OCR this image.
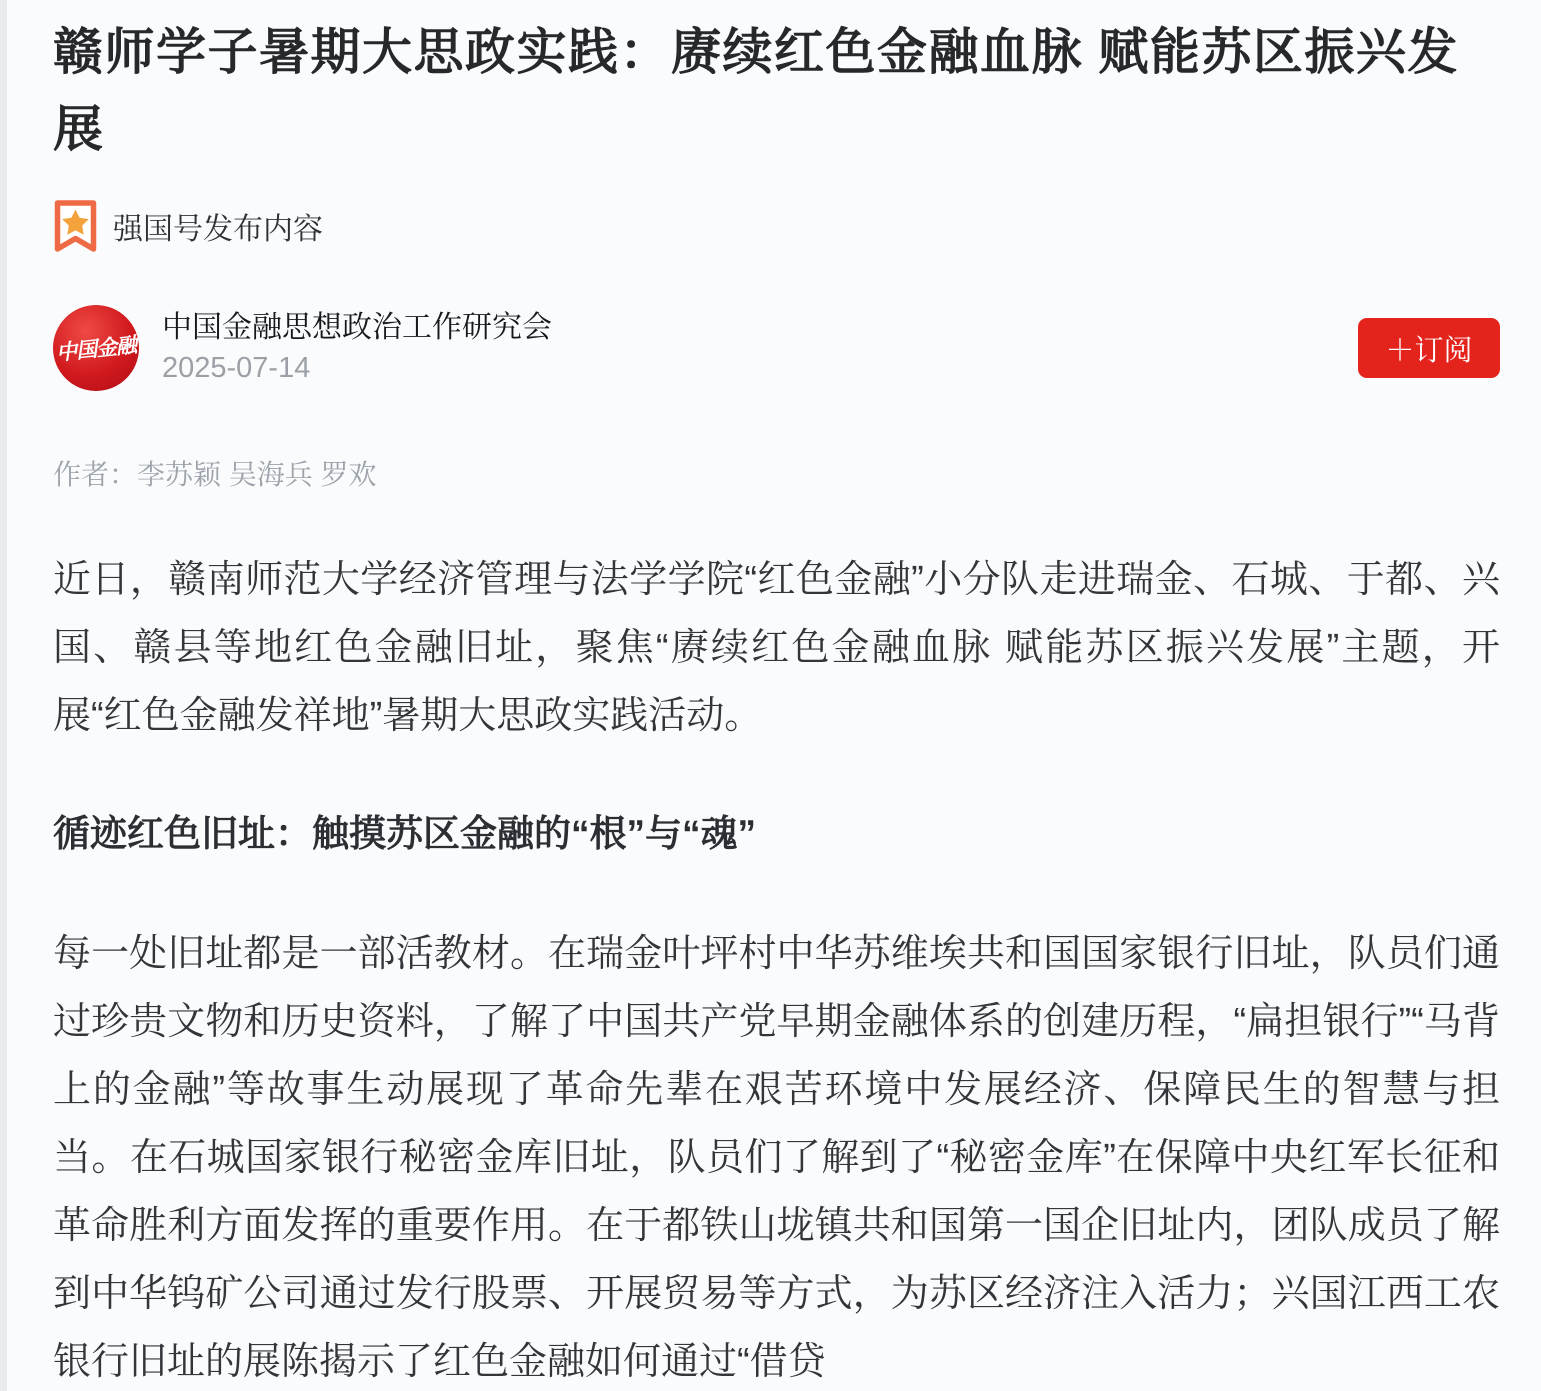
赣师学子暑期大思政实践：赓续红色金融血脉 赋能苏区振兴发展
强国号发布内容
中国金融
中国金融思想政治工作研究会
2025-07-14
＋订阅
作者：李苏颖 吴海兵 罗欢

近日，赣南师范大学经济管理与法学学院“红色金融”小分队走进瑞金、石城、于都、兴国、赣县等地红色金融旧址，聚焦“赓续红色金融血脉 赋能苏区振兴发展”主题，开展“红色金融发祥地”暑期大思政实践活动。

循迹红色旧址：触摸苏区金融的“根”与“魂”

每一处旧址都是一部活教材。在瑞金叶坪村中华苏维埃共和国国家银行旧址，队员们通过珍贵文物和历史资料，了解了中国共产党早期金融体系的创建历程，“扁担银行”“马背上的金融”等故事生动展现了革命先辈在艰苦环境中发展经济、保障民生的智慧与担当。在石城国家银行秘密金库旧址，队员们了解到了“秘密金库”在保障中央红军长征和革命胜利方面发挥的重要作用。在于都铁山垅镇共和国第一国企旧址内，团队成员了解到中华钨矿公司通过发行股票、开展贸易等方式，为苏区经济注入活力；兴国江西工农银行旧址的展陈揭示了红色金融如何通过“借贷
